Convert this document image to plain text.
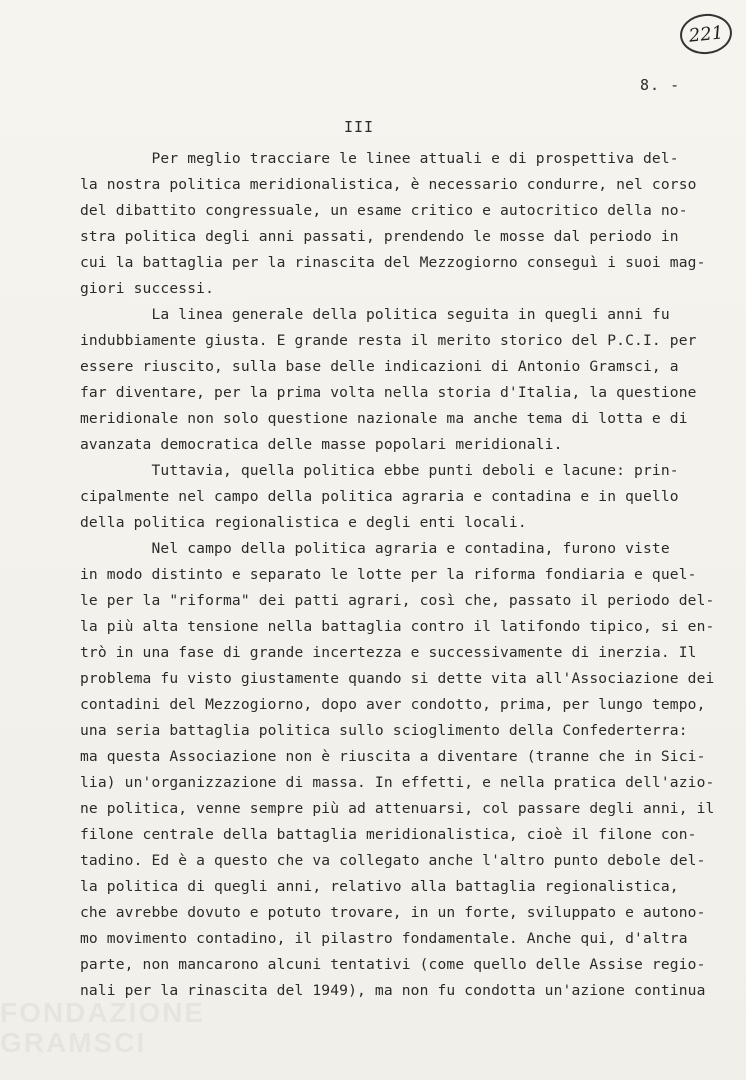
221
8. -
III
Per meglio tracciare le linee attuali e di prospettiva del-
la nostra politica meridionalistica, è necessario condurre, nel corso
del dibattito congressuale, un esame critico e autocritico della no-
stra politica degli anni passati, prendendo le mosse dal periodo in
cui la battaglia per la rinascita del Mezzogiorno conseguì i suoi mag-
giori successi.
La linea generale della politica seguita in quegli anni fu
indubbiamente giusta. E grande resta il merito storico del P.C.I. per
essere riuscito, sulla base delle indicazioni di Antonio Gramsci, a
far diventare, per la prima volta nella storia d'Italia, la questione
meridionale non solo questione nazionale ma anche tema di lotta e di
avanzata democratica delle masse popolari meridionali.
Tuttavia, quella politica ebbe punti deboli e lacune: prin-
cipalmente nel campo della politica agraria e contadina e in quello
della politica regionalistica e degli enti locali.
Nel campo della politica agraria e contadina, furono viste
in modo distinto e separato le lotte per la riforma fondiaria e quel-
le per la "riforma" dei patti agrari, così che, passato il periodo del-
la più alta tensione nella battaglia contro il latifondo tipico, si en-
trò in una fase di grande incertezza e successivamente di inerzia. Il
problema fu visto giustamente quando si dette vita all'Associazione dei
contadini del Mezzogiorno, dopo aver condotto, prima, per lungo tempo,
una seria battaglia politica sullo scioglimento della Confederterra:
ma questa Associazione non è riuscita a diventare (tranne che in Sici-
lia) un'organizzazione di massa. In effetti, e nella pratica dell'azio-
ne politica, venne sempre più ad attenuarsi, col passare degli anni, il
filone centrale della battaglia meridionalistica, cioè il filone con-
tadino. Ed è a questo che va collegato anche l'altro punto debole del-
la politica di quegli anni, relativo alla battaglia regionalistica,
che avrebbe dovuto e potuto trovare, in un forte, sviluppato e autono-
mo movimento contadino, il pilastro fondamentale. Anche qui, d'altra
parte, non mancarono alcuni tentativi (come quello delle Assise regio-
nali per la rinascita del 1949), ma non fu condotta un'azione continua
